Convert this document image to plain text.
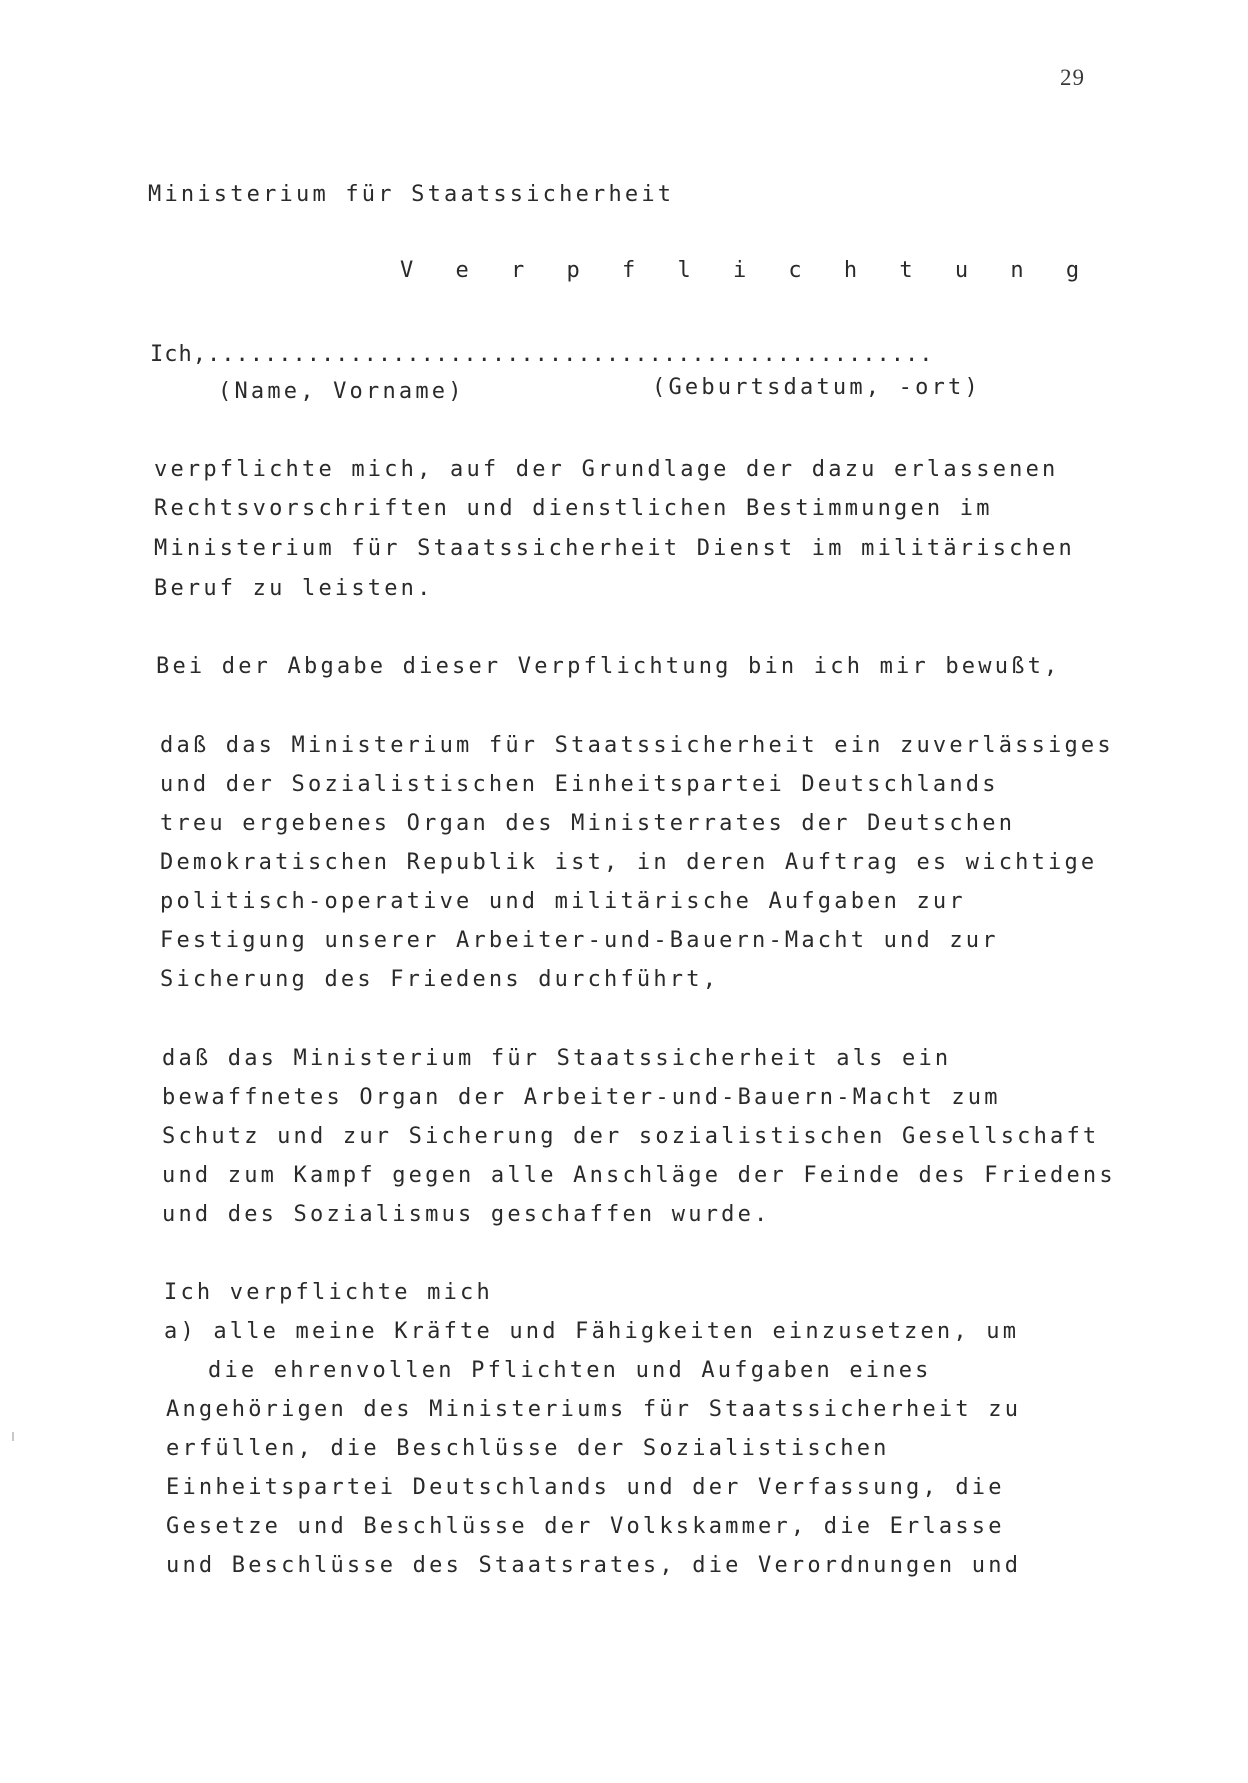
29
Ministerium für Staatssicherheit
V e r p f l i c h t u n g
Ich,...................................................
(Name, Vorname)	(Geburtsdatum, -ort)
verpflichte mich, auf der Grundlage der dazu erlassenen
Rechtsvorschriften und dienstlichen Bestimmungen im
Ministerium für Staatssicherheit Dienst im militärischen
Beruf zu leisten.
Bei der Abgabe dieser Verpflichtung bin ich mir bewußt,
daß das Ministerium für Staatssicherheit ein zuverlässiges
und der Sozialistischen Einheitspartei Deutschlands
treu ergebenes Organ des Ministerrates der Deutschen
Demokratischen Republik ist, in deren Auftrag es wichtige
politisch-operative und militärische Aufgaben zur
Festigung unserer Arbeiter-und-Bauern-Macht und zur
Sicherung des Friedens durchführt,
daß das Ministerium für Staatssicherheit als ein
bewaffnetes Organ der Arbeiter-und-Bauern-Macht zum
Schutz und zur Sicherung der sozialistischen Gesellschaft
und zum Kampf gegen alle Anschläge der Feinde des Friedens
und des Sozialismus geschaffen wurde.
Ich verpflichte mich
a) alle meine Kräfte und Fähigkeiten einzusetzen, um
die ehrenvollen Pflichten und Aufgaben eines
Angehörigen des Ministeriums für Staatssicherheit zu
erfüllen, die Beschlüsse der Sozialistischen
Einheitspartei Deutschlands und der Verfassung, die
Gesetze und Beschlüsse der Volkskammer, die Erlasse
und Beschlüsse des Staatsrates, die Verordnungen und
